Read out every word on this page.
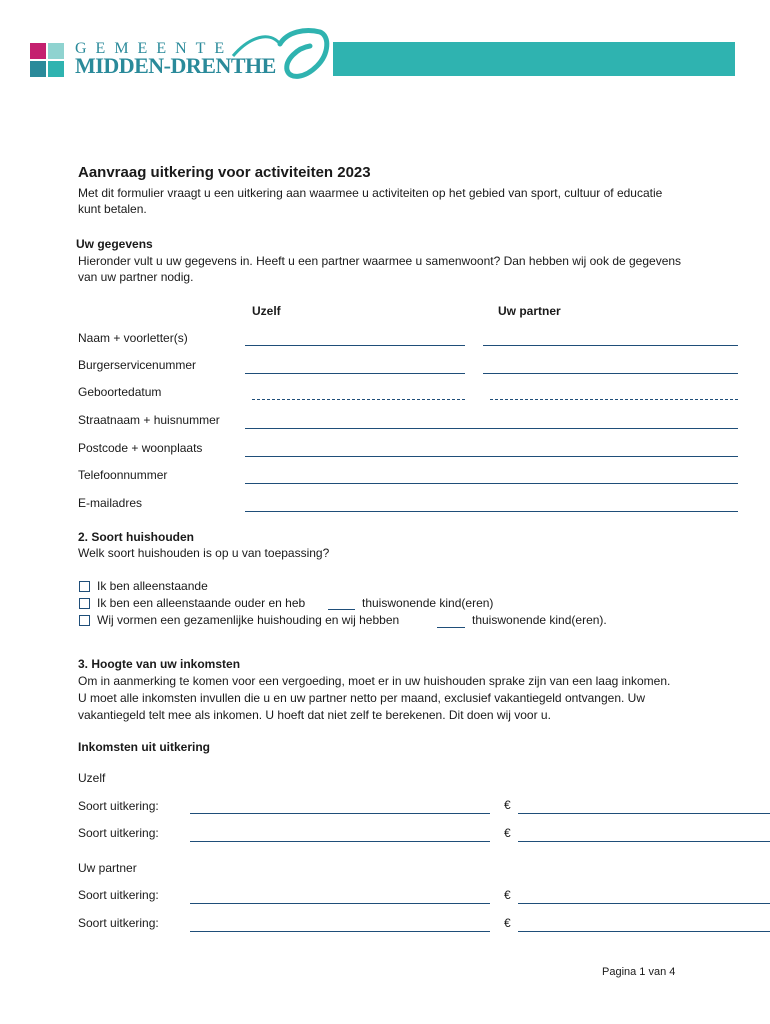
GEMEENTE
MIDDEN-DRENTHE
Aanvraag uitkering voor activiteiten 2023
Met dit formulier vraagt u een uitkering aan waarmee u activiteiten op het gebied van sport, cultuur of educatie
kunt betalen.
Uw gegevens
Hieronder vult u uw gegevens in. Heeft u een partner waarmee u samenwoont? Dan hebben wij ook de gegevens
van uw partner nodig.
Uzelf	Uw partner
Naam + voorletter(s)
Burgerservicenummer
Geboortedatum
Straatnaam + huisnummer
Postcode + woonplaats
Telefoonnummer
E-mailadres
2. Soort huishouden
Welk soort huishouden is op u van toepassing?
Ik ben alleenstaande
Ik ben een alleenstaande ouder en heb	thuiswonende kind(eren)
Wij vormen een gezamenlijke huishouding en wij hebben	thuiswonende kind(eren).
3. Hoogte van uw inkomsten
Om in aanmerking te komen voor een vergoeding, moet er in uw huishouden sprake zijn van een laag inkomen.
U moet alle inkomsten invullen die u en uw partner netto per maand, exclusief vakantiegeld ontvangen. Uw
vakantiegeld telt mee als inkomen. U hoeft dat niet zelf te berekenen. Dit doen wij voor u.
Inkomsten uit uitkering
Uzelf
Soort uitkering:	€
Soort uitkering:	€
Uw partner
Soort uitkering:	€
Soort uitkering:	€
Pagina 1 van 4
